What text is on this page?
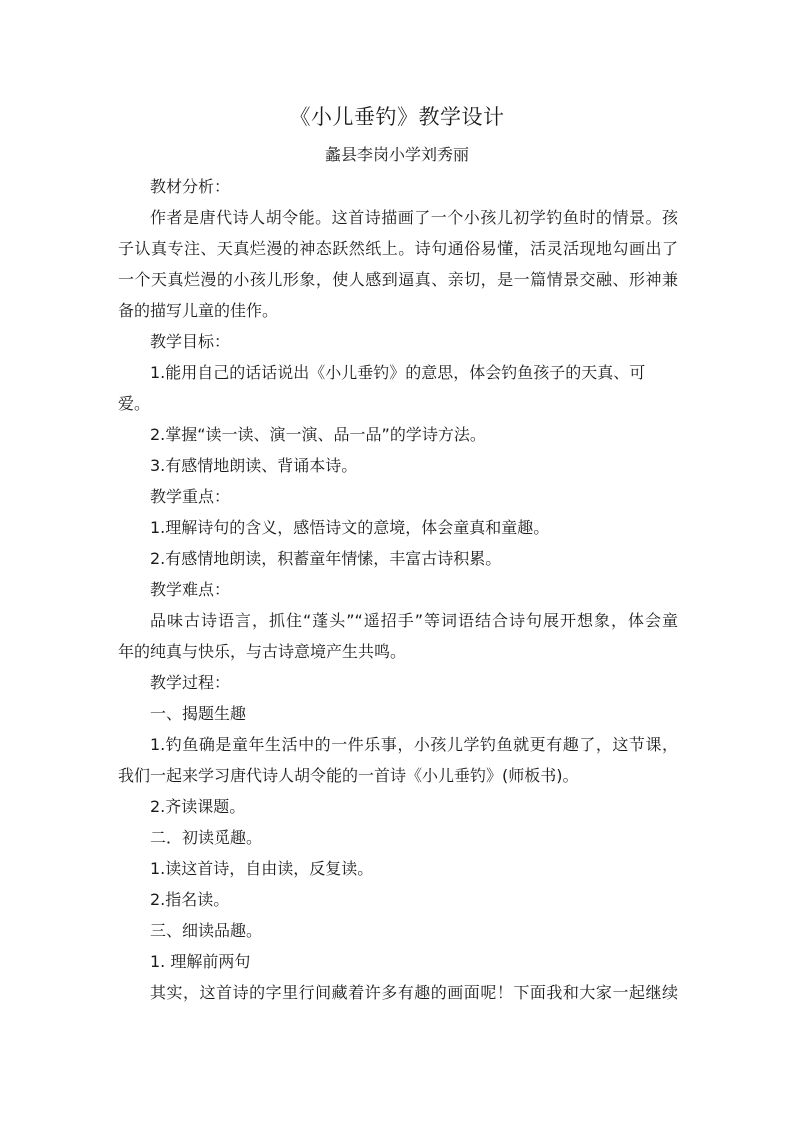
《小儿垂钓》教学设计
蠡县李岗小学刘秀丽
教材分析：
作者是唐代诗人胡令能。这首诗描画了一个小孩儿初学钓鱼时的情景。孩
子认真专注、天真烂漫的神态跃然纸上。诗句通俗易懂，活灵活现地勾画出了
一个天真烂漫的小孩儿形象，使人感到逼真、亲切，是一篇情景交融、形神兼
备的描写儿童的佳作。
教学目标：
1.能用自己的话话说出《小儿垂钓》的意思，体会钓鱼孩子的天真、可
爱。
2.掌握“读一读、演一演、品一品”的学诗方法。
3.有感情地朗读、背诵本诗。
教学重点：
1.理解诗句的含义，感悟诗文的意境，体会童真和童趣。
2.有感情地朗读，积蓄童年情愫，丰富古诗积累。
教学难点：
品味古诗语言，抓住“蓬头”“遥招手”等词语结合诗句展开想象，体会童
年的纯真与快乐，与古诗意境产生共鸣。
教学过程：
一、揭题生趣
1.钓鱼确是童年生活中的一件乐事，小孩儿学钓鱼就更有趣了，这节课，
我们一起来学习唐代诗人胡令能的一首诗《小儿垂钓》(师板书)。
2.齐读课题。
二．初读觅趣。
1.读这首诗，自由读，反复读。
2.指名读。
三、细读品趣。
1. 理解前两句
其实，这首诗的字里行间藏着许多有趣的画面呢！下面我和大家一起继续
